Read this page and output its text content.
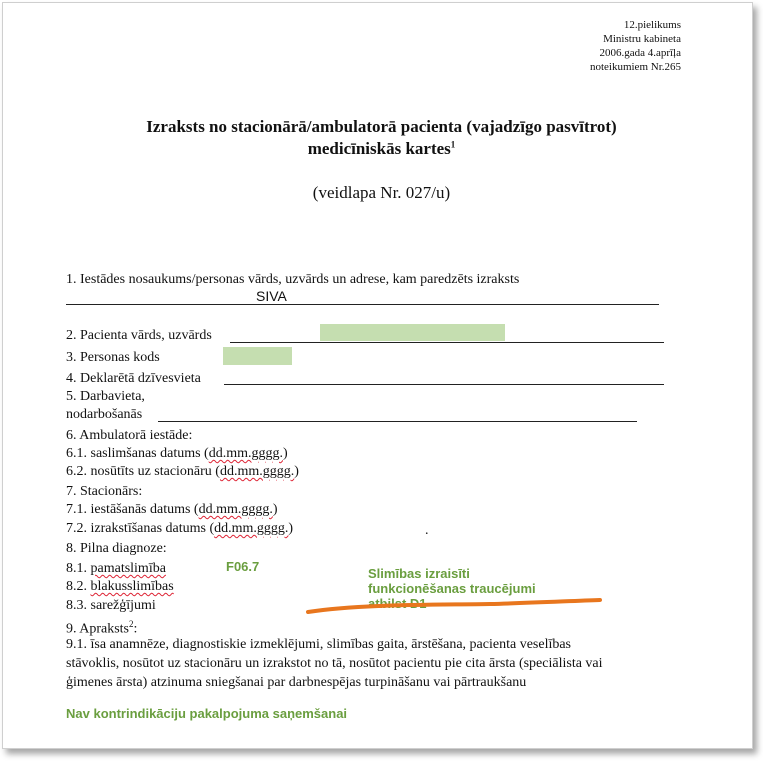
12.pielikums
Ministru kabineta
2006.gada 4.aprīļa
noteikumiem Nr.265
Izraksts no stacionārā/ambulatorā pacienta (vajadzīgo pasvītrot)
medicīniskās kartes$^1$
(veidlapa Nr. 027/u)
1. Iestādes nosaukums/personas vārds, uzvārds un adrese, kam paredzēts izraksts
SIVA
2. Pacienta vārds, uzvārds
3. Personas kods
4. Deklarētā dzīvesvieta
5. Darbavieta,
nodarbošanās
6. Ambulatorā iestāde:
6.1. saslimšanas datums (dd.mm.gggg.)
6.2. nosūtīts uz stacionāru (dd.mm.gggg.)
7. Stacionārs:
7.1. iestāšanās datums (dd.mm.gggg.)
7.2. izrakstīšanas datums (dd.mm.gggg.)	.
8. Pilna diagnoze:
8.1. pamatslimība	F06.7
8.2. blakusslimības
8.3. sarežģījumi
Slimības izraisīti
funkcionēšanas traucējumi
atbilst D1
9. Apraksts$^2$:
9.1. īsa anamnēze, diagnostiskie izmeklējumi, slimības gaita, ārstēšana, pacienta veselības
stāvoklis, nosūtot uz stacionāru un izrakstot no tā, nosūtot pacientu pie cita ārsta (speciālista vai
ģimenes ārsta) atzinuma sniegšanai par darbnespējas turpināšanu vai pārtraukšanu
Nav kontrindikāciju pakalpojuma saņemšanai
